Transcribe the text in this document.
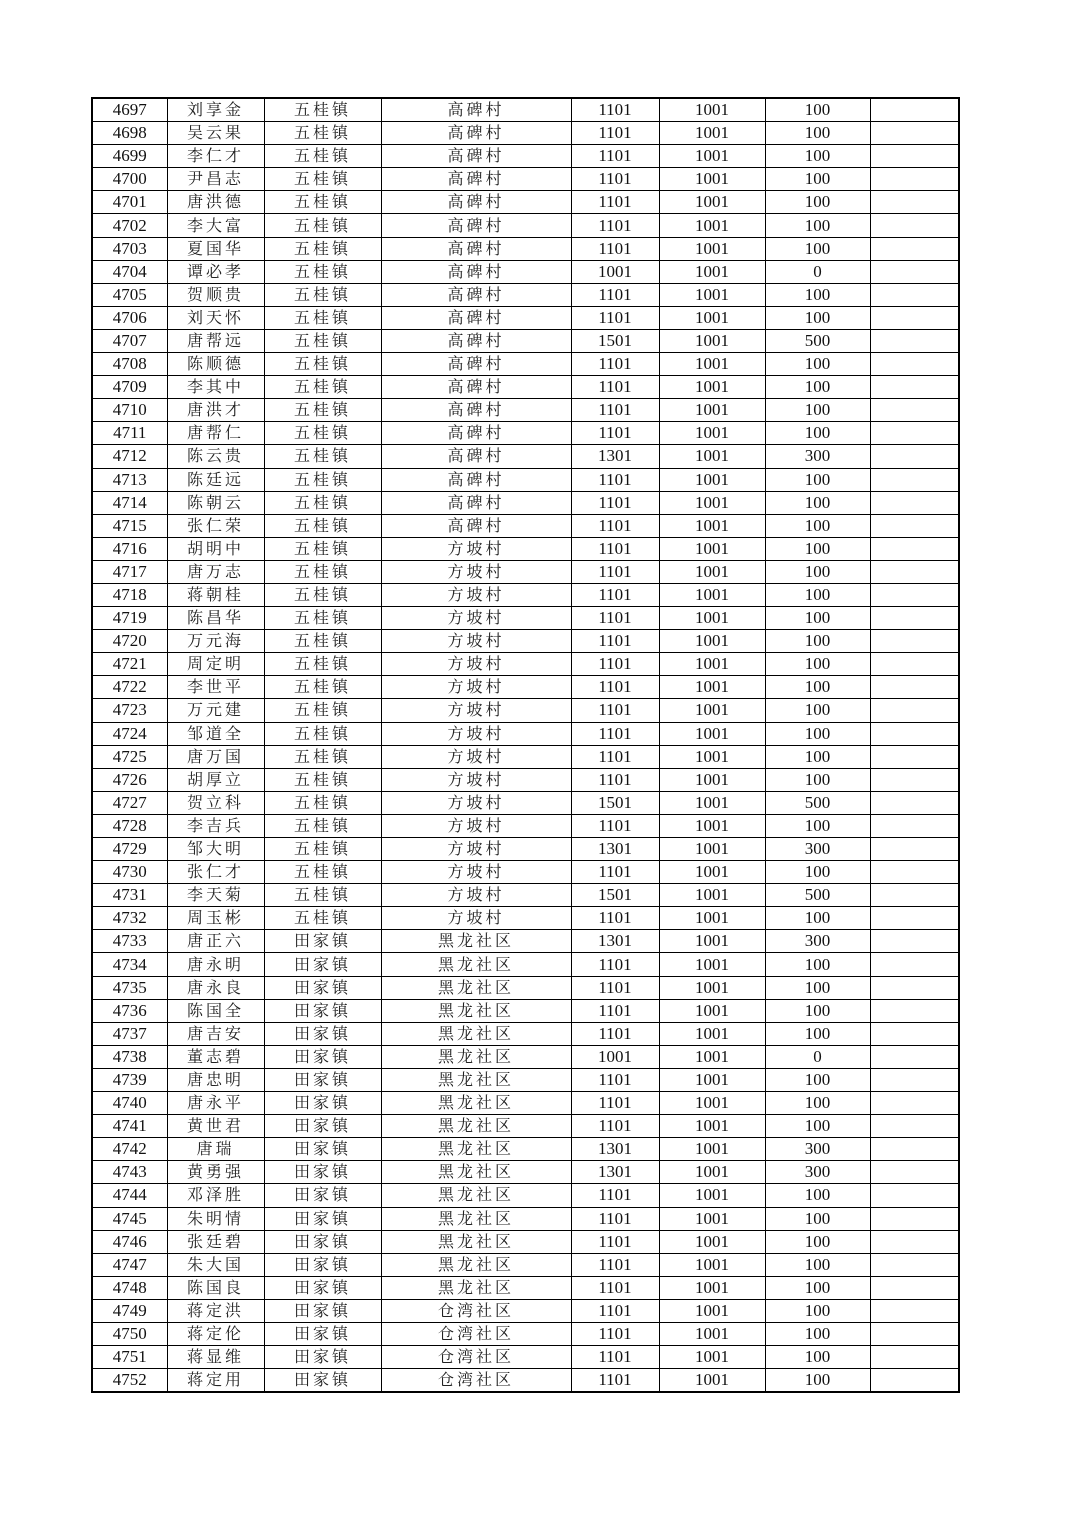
4697	刘享金	五桂镇	高碑村	1101	1001	100	
4698	吴云果	五桂镇	高碑村	1101	1001	100	
4699	李仁才	五桂镇	高碑村	1101	1001	100	
4700	尹昌志	五桂镇	高碑村	1101	1001	100	
4701	唐洪德	五桂镇	高碑村	1101	1001	100	
4702	李大富	五桂镇	高碑村	1101	1001	100	
4703	夏国华	五桂镇	高碑村	1101	1001	100	
4704	谭必孝	五桂镇	高碑村	1001	1001	0	
4705	贺顺贵	五桂镇	高碑村	1101	1001	100	
4706	刘天怀	五桂镇	高碑村	1101	1001	100	
4707	唐帮远	五桂镇	高碑村	1501	1001	500	
4708	陈顺德	五桂镇	高碑村	1101	1001	100	
4709	李其中	五桂镇	高碑村	1101	1001	100	
4710	唐洪才	五桂镇	高碑村	1101	1001	100	
4711	唐帮仁	五桂镇	高碑村	1101	1001	100	
4712	陈云贵	五桂镇	高碑村	1301	1001	300	
4713	陈廷远	五桂镇	高碑村	1101	1001	100	
4714	陈朝云	五桂镇	高碑村	1101	1001	100	
4715	张仁荣	五桂镇	高碑村	1101	1001	100	
4716	胡明中	五桂镇	方坡村	1101	1001	100	
4717	唐万志	五桂镇	方坡村	1101	1001	100	
4718	蒋朝桂	五桂镇	方坡村	1101	1001	100	
4719	陈昌华	五桂镇	方坡村	1101	1001	100	
4720	万元海	五桂镇	方坡村	1101	1001	100	
4721	周定明	五桂镇	方坡村	1101	1001	100	
4722	李世平	五桂镇	方坡村	1101	1001	100	
4723	万元建	五桂镇	方坡村	1101	1001	100	
4724	邹道全	五桂镇	方坡村	1101	1001	100	
4725	唐万国	五桂镇	方坡村	1101	1001	100	
4726	胡厚立	五桂镇	方坡村	1101	1001	100	
4727	贺立科	五桂镇	方坡村	1501	1001	500	
4728	李吉兵	五桂镇	方坡村	1101	1001	100	
4729	邹大明	五桂镇	方坡村	1301	1001	300	
4730	张仁才	五桂镇	方坡村	1101	1001	100	
4731	李天菊	五桂镇	方坡村	1501	1001	500	
4732	周玉彬	五桂镇	方坡村	1101	1001	100	
4733	唐正六	田家镇	黑龙社区	1301	1001	300	
4734	唐永明	田家镇	黑龙社区	1101	1001	100	
4735	唐永良	田家镇	黑龙社区	1101	1001	100	
4736	陈国全	田家镇	黑龙社区	1101	1001	100	
4737	唐吉安	田家镇	黑龙社区	1101	1001	100	
4738	董志碧	田家镇	黑龙社区	1001	1001	0	
4739	唐忠明	田家镇	黑龙社区	1101	1001	100	
4740	唐永平	田家镇	黑龙社区	1101	1001	100	
4741	黄世君	田家镇	黑龙社区	1101	1001	100	
4742	唐瑞	田家镇	黑龙社区	1301	1001	300	
4743	黄勇强	田家镇	黑龙社区	1301	1001	300	
4744	邓泽胜	田家镇	黑龙社区	1101	1001	100	
4745	朱明情	田家镇	黑龙社区	1101	1001	100	
4746	张廷碧	田家镇	黑龙社区	1101	1001	100	
4747	朱大国	田家镇	黑龙社区	1101	1001	100	
4748	陈国良	田家镇	黑龙社区	1101	1001	100	
4749	蒋定洪	田家镇	仓湾社区	1101	1001	100	
4750	蒋定伦	田家镇	仓湾社区	1101	1001	100	
4751	蒋显维	田家镇	仓湾社区	1101	1001	100	
4752	蒋定用	田家镇	仓湾社区	1101	1001	100	
